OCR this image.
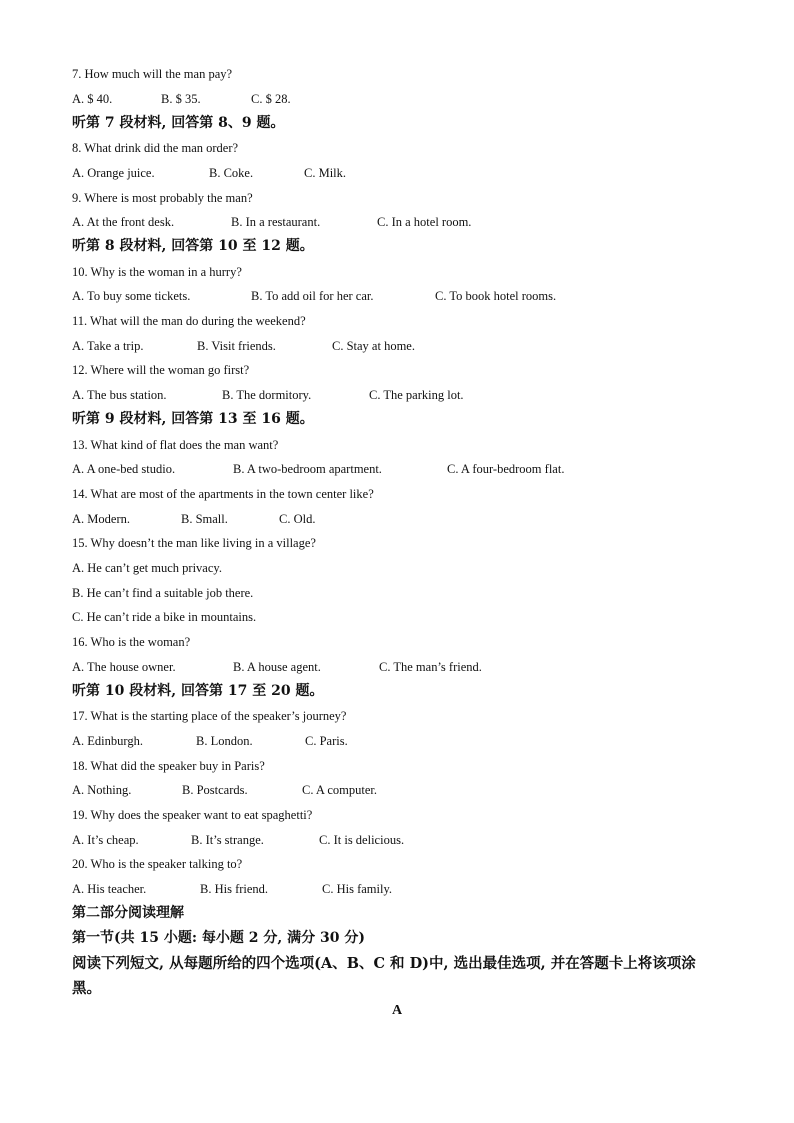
7. How much will the man pay?
A. $ 40.	B. $ 35.	C. $ 28.
听第 7 段材料, 回答第 8、9 题。
8. What drink did the man order?
A. Orange juice.	B. Coke.	C. Milk.
9. Where is most probably the man?
A. At the front desk.	B. In a restaurant.	C. In a hotel room.
听第 8 段材料, 回答第 10 至 12 题。
10. Why is the woman in a hurry?
A. To buy some tickets.	B. To add oil for her car.	C. To book hotel rooms.
11. What will the man do during the weekend?
A. Take a trip.	B. Visit friends.	C. Stay at home.
12. Where will the woman go first?
A. The bus station.	B. The dormitory.	C. The parking lot.
听第 9 段材料, 回答第 13 至 16 题。
13. What kind of flat does the man want?
A. A one-bed studio.	B. A two-bedroom apartment.	C. A four-bedroom flat.
14. What are most of the apartments in the town center like?
A. Modern.	B. Small.	C. Old.
15. Why doesn’t the man like living in a village?
A. He can’t get much privacy.
B. He can’t find a suitable job there.
C. He can’t ride a bike in mountains.
16. Who is the woman?
A. The house owner.	B. A house agent.	C. The man’s friend.
听第 10 段材料, 回答第 17 至 20 题。
17. What is the starting place of the speaker’s journey?
A. Edinburgh.	B. London.	C. Paris.
18. What did the speaker buy in Paris?
A. Nothing.	B. Postcards.	C. A computer.
19. Why does the speaker want to eat spaghetti?
A. It’s cheap.	B. It’s strange.	C. It is delicious.
20. Who is the speaker talking to?
A. His teacher.	B. His friend.	C. His family.
第二部分阅读理解
第一节(共 15 小题: 每小题 2 分, 满分 30 分)
阅读下列短文, 从每题所给的四个选项(A、B、C 和 D)中, 选出最佳选项, 并在答题卡上将该项涂黑。
A
